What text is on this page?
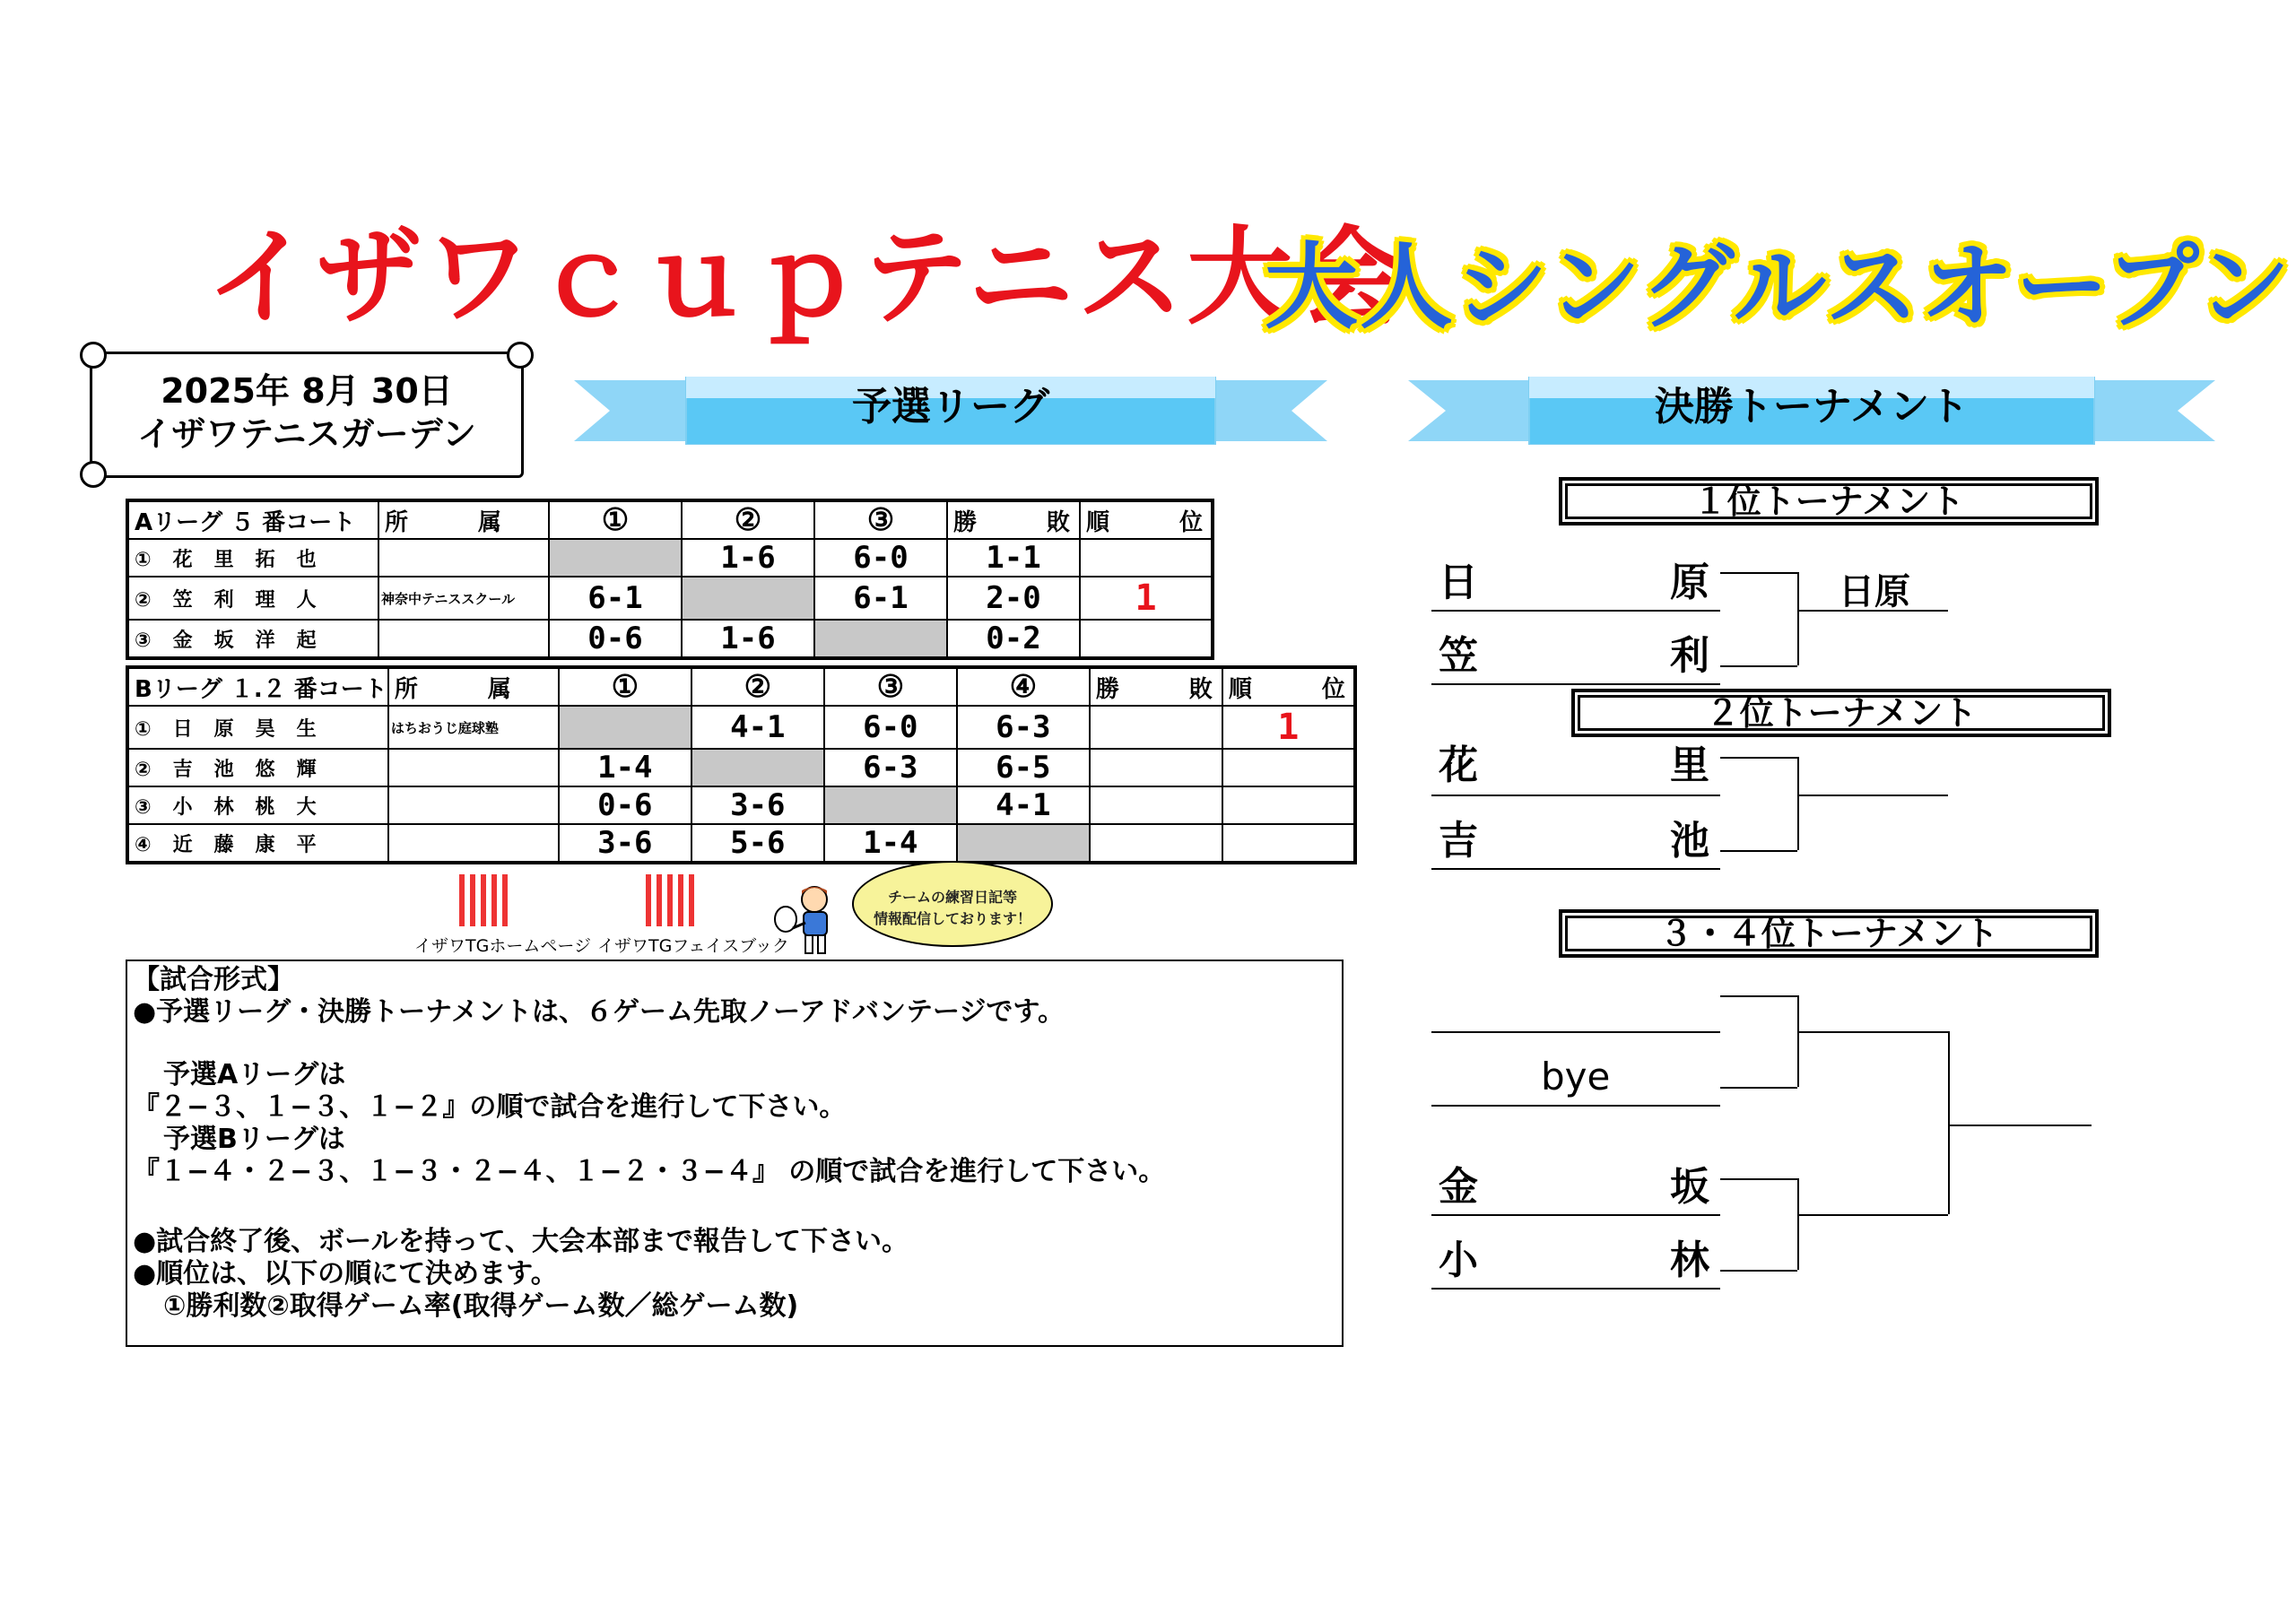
イザワｃｕｐテニス大会
大人シングルスオープン
2025年 8月 30日
イザワテニスガーデン
予選リーグ	決勝トーナメント
Aリーグ ５ 番コート	所　　　属	①	②	③	勝　　　敗	順　　　位
①花里拓也			1-6	6-0	1-1	
②笠利理人	神奈中テニススクール	6-1		6-1	2-0	1
③金坂洋起		0-6	1-6		0-2	
Bリーグ １.２ 番コート	所　　　属	①	②	③	④	勝　　　敗	順　　　位
①日原昊生	はちおうじ庭球塾		4-1	6-0	6-3		1
②吉池悠輝		1-4		6-3	6-5		
③小林桃大		0-6	3-6		4-1		
④近藤康平		3-6	5-6	1-4			
イザワTGホームページ イザワTGフェイスブック
チームの練習日記等
情報配信しております！
【試合形式】
●予選リーグ・決勝トーナメントは、６ゲーム先取ノーアドバンテージです。
予選Aリーグは
『２−３、１−３、１−２』の順で試合を進行して下さい。
予選Bリーグは
『１−４・２−３、１−３・２−４、１−２・３−４』 の順で試合を進行して下さい。
●試合終了後、ボールを持って、大会本部まで報告して下さい。
●順位は、以下の順にて決めます。
①勝利数②取得ゲーム率(取得ゲーム数／総ゲーム数)
１位トーナメント
日	原
笠	利
日原
２位トーナメント
花	里
吉	池
３・４位トーナメント
bye
金	坂
小	林
